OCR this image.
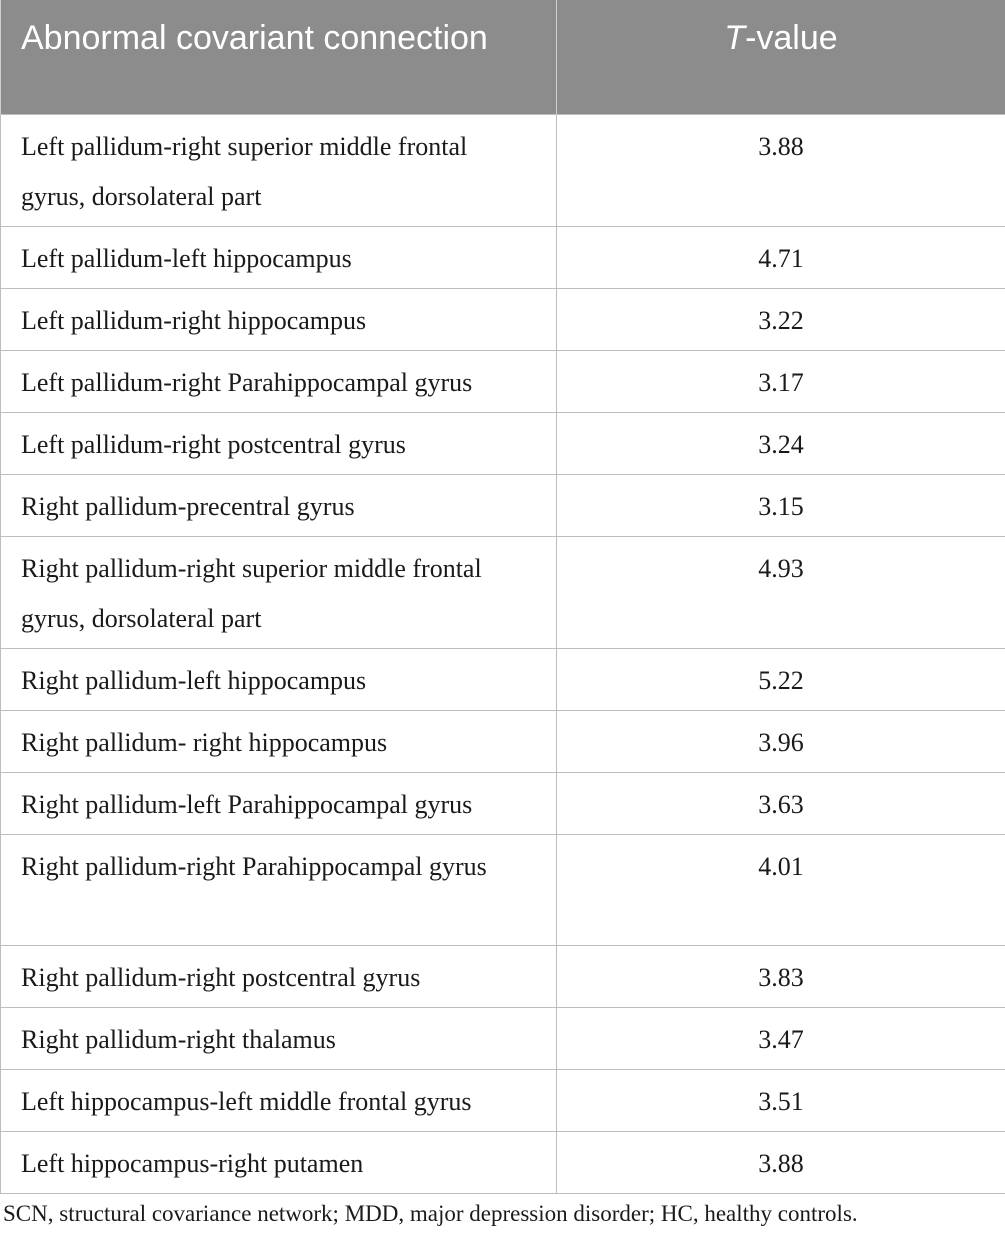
Abnormal covariant connection	T-value
Left pallidum-right superior middle frontal gyrus, dorsolateral part	3.88
Left pallidum-left hippocampus	4.71
Left pallidum-right hippocampus	3.22
Left pallidum-right Parahippocampal gyrus	3.17
Left pallidum-right postcentral gyrus	3.24
Right pallidum-precentral gyrus	3.15
Right pallidum-right superior middle frontal gyrus, dorsolateral part	4.93
Right pallidum-left hippocampus	5.22
Right pallidum- right hippocampus	3.96
Right pallidum-left Parahippocampal gyrus	3.63
Right pallidum-right Parahippocampal gyrus	4.01
Right pallidum-right postcentral gyrus	3.83
Right pallidum-right thalamus	3.47
Left hippocampus-left middle frontal gyrus	3.51
Left hippocampus-right putamen	3.88
SCN, structural covariance network; MDD, major depression disorder; HC, healthy controls.
